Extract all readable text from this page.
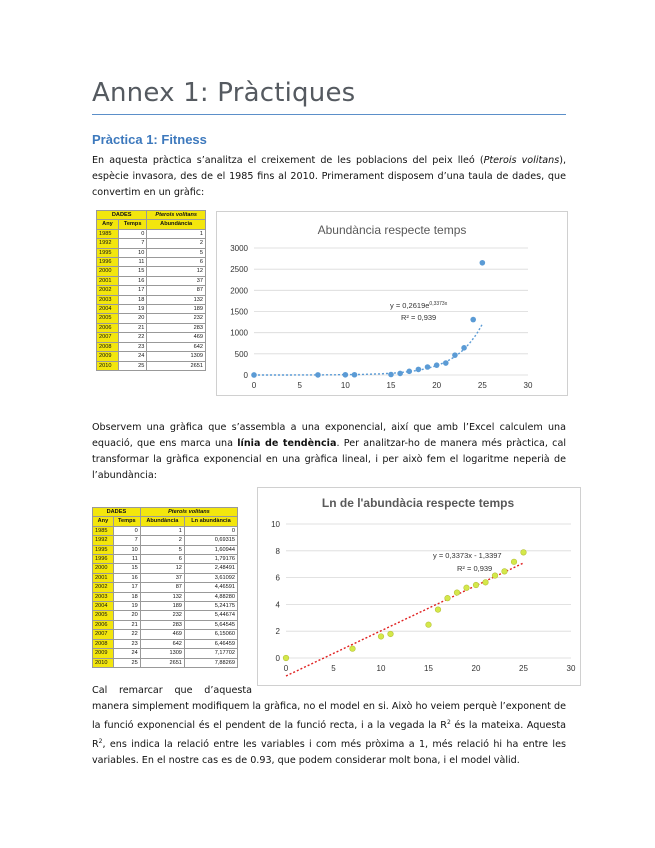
Annex 1: Pràctiques
Pràctica 1: Fitness
En aquesta pràctica s’analitza el creixement de les poblacions del peix lleó (Pterois volitans), espècie invasora, des de el 1985 fins al 2010. Primerament disposem d’una taula de dades, que convertim en un gràfic:
DADES		Pterois volitans
Any	Temps	Abundància
1985	0	1
1992	7	2
1995	10	5
1996	11	6
2000	15	12
2001	16	37
2002	17	87
2003	18	132
2004	19	189
2005	20	232
2006	21	283
2007	22	469
2008	23	642
2009	24	1309
2010	25	2651
Abundància respecte temps
0
500
1000
1500
2000
2500
3000
0	5	10	15	20	25	30
$y = 0,2619e^{0,3373x}$
R² = 0,939
Observem una gràfica que s’assembla a una exponencial, així que amb l’Excel calculem una equació, que ens marca una línia de tendència. Per analitzar-ho de manera més pràctica, cal transformar la gràfica exponencial en una gràfica lineal, i per això fem el logaritme neperià de l’abundància:
DADES		Pterois volitans	
Any	Temps	Abundància	Ln abundància
1985	0	1	0
1992	7	2	0,69315
1995	10	5	1,60944
1996	11	6	1,79176
2000	15	12	2,48491
2001	16	37	3,61092
2002	17	87	4,46591
2003	18	132	4,88280
2004	19	189	5,24175
2005	20	232	5,44674
2006	21	283	5,64545
2007	22	469	6,15060
2008	23	642	6,46459
2009	24	1309	7,17702
2010	25	2651	7,88269
Ln de l'abundàcia respecte temps
0
2
4
6
8
10
0	5	10	15	20	25	30
y = 0,3373x - 1,3397
R² = 0,939
Cal remarcar que d’aquesta
manera simplement modifiquem la gràfica, no el model en si. Això ho veiem perquè l’exponent de la funció exponencial és el pendent de la funció recta, i a la vegada la $R^2$ és la mateixa. Aquesta $R^2$, ens indica la relació entre les variables i com més pròxima a 1, més relació hi ha entre les variables. En el nostre cas es de 0.93, que podem considerar molt bona, i el model vàlid.
